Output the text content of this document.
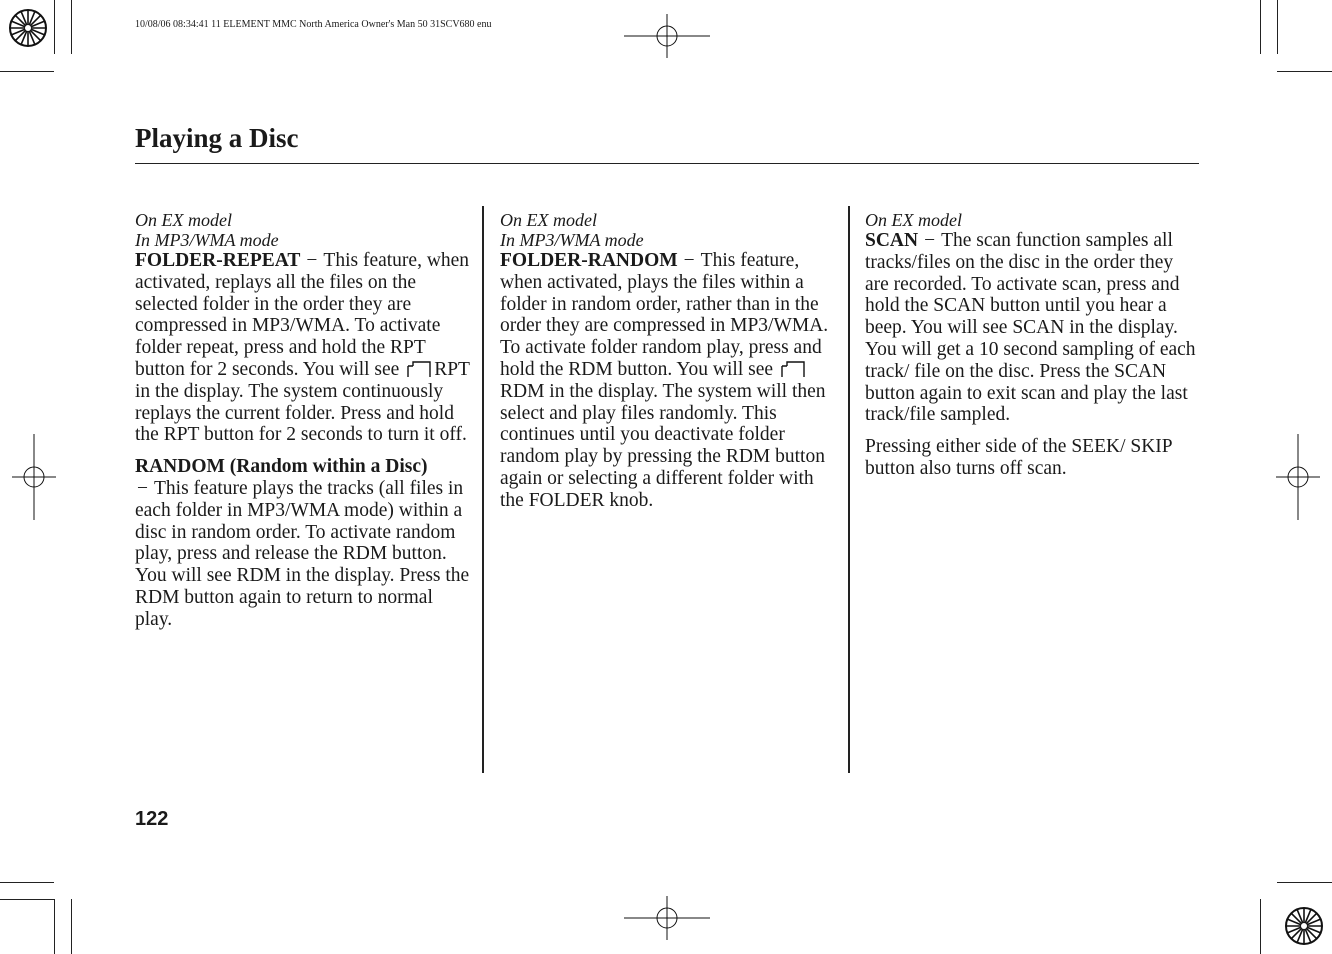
10/08/06 08:34:41 11 ELEMENT MMC North America Owner's Man 50 31SCV680 enu
Playing a Disc

On EX model
In MP3/WMA mode
FOLDER-REPEAT − This feature, when activated, replays all the files on the selected folder in the order they are compressed in MP3/WMA. To activate folder repeat, press and hold the RPT button for 2 seconds. You will see RPT in the display. The system continuously replays the current folder. Press and hold the RPT button for 2 seconds to turn it off.

RANDOM (Random within a Disc)
− This feature plays the tracks (all files in each folder in MP3/WMA mode) within a disc in random order. To activate random play, press and release the RDM button. You will see RDM in the display. Press the RDM button again to return to normal play.

On EX model
In MP3/WMA mode
FOLDER-RANDOM − This feature, when activated, plays the files within a folder in random order, rather than in the order they are compressed in MP3/WMA. To activate folder random play, press and hold the RDM button. You will see RDM in the display. The system will then select and play files randomly. This continues until you deactivate folder random play by pressing the RDM button again or selecting a different folder with the FOLDER knob.

On EX model
SCAN − The scan function samples all tracks/files on the disc in the order they are recorded. To activate scan, press and hold the SCAN button until you hear a beep. You will see SCAN in the display. You will get a 10 second sampling of each track/ file on the disc. Press the SCAN button again to exit scan and play the last track/file sampled.

Pressing either side of the SEEK/ SKIP button also turns off scan.

122
